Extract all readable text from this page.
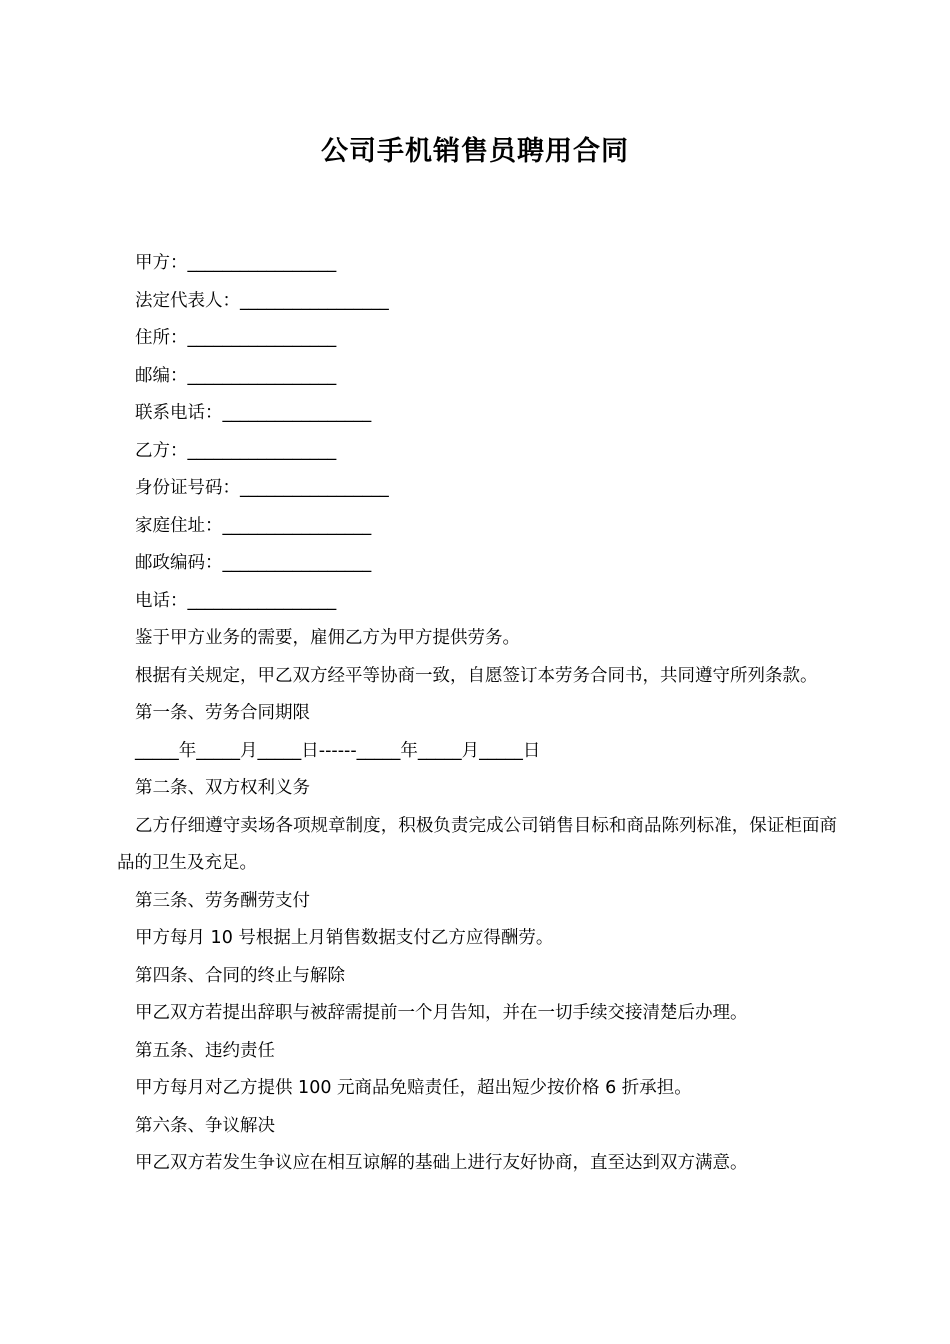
公司手机销售员聘用合同

甲方：_________________

法定代表人：_________________

住所：_________________

邮编：_________________

联系电话：_________________

乙方：_________________

身份证号码：_________________

家庭住址：_________________

邮政编码：_________________

电话：_________________

鉴于甲方业务的需要，雇佣乙方为甲方提供劳务。

根据有关规定，甲乙双方经平等协商一致，自愿签订本劳务合同书，共同遵守所列条款。

第一条、劳务合同期限

_____年_____月_____日------_____年_____月_____日

第二条、双方权利义务

乙方仔细遵守卖场各项规章制度，积极负责完成公司销售目标和商品陈列标准，保证柜面商品的卫生及充足。

第三条、劳务酬劳支付

甲方每月 10 号根据上月销售数据支付乙方应得酬劳。

第四条、合同的终止与解除

甲乙双方若提出辞职与被辞需提前一个月告知，并在一切手续交接清楚后办理。

第五条、违约责任

甲方每月对乙方提供 100 元商品免赔责任，超出短少按价格 6 折承担。

第六条、争议解决

甲乙双方若发生争议应在相互谅解的基础上进行友好协商，直至达到双方满意。
